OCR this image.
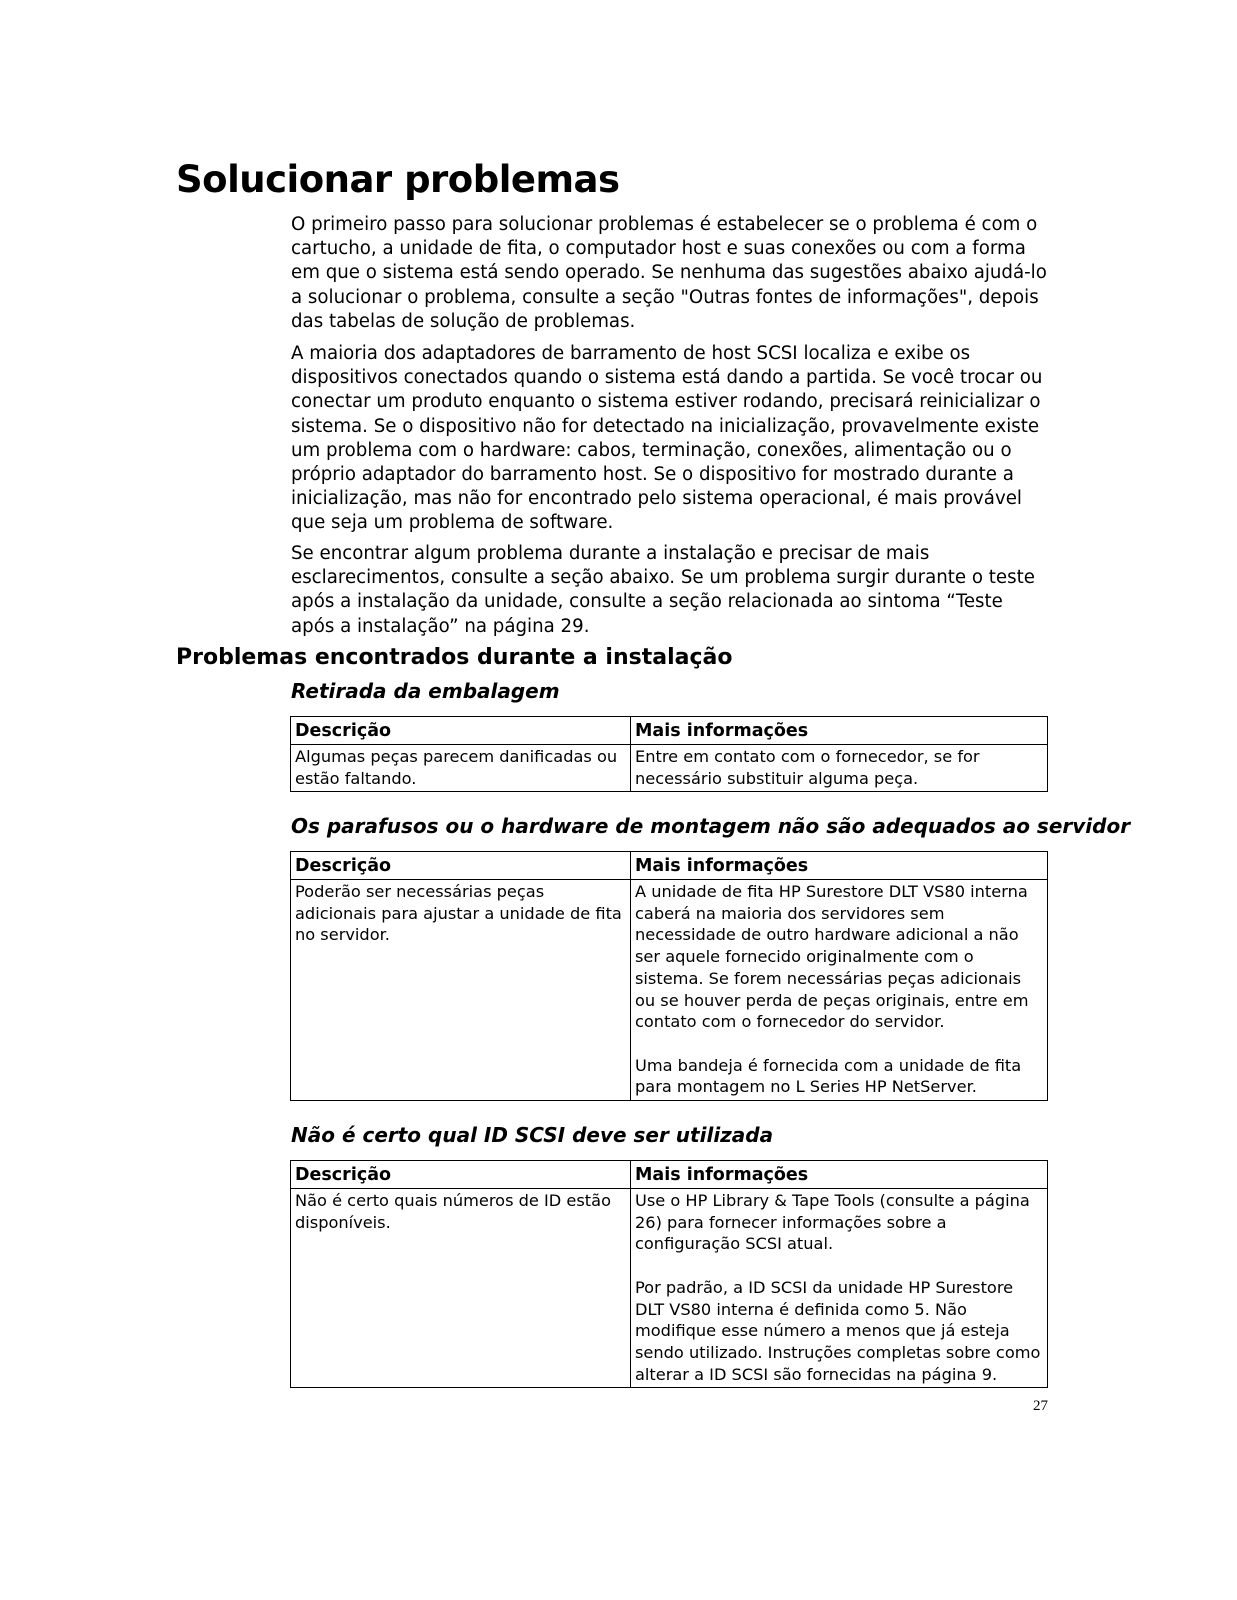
Solucionar problemas

O primeiro passo para solucionar problemas é estabelecer se o problema é com o cartucho, a unidade de fita, o computador host e suas conexões ou com a forma em que o sistema está sendo operado. Se nenhuma das sugestões abaixo ajudá-lo a solucionar o problema, consulte a seção "Outras fontes de informações", depois das tabelas de solução de problemas.

A maioria dos adaptadores de barramento de host SCSI localiza e exibe os dispositivos conectados quando o sistema está dando a partida. Se você trocar ou conectar um produto enquanto o sistema estiver rodando, precisará reinicializar o sistema. Se o dispositivo não for detectado na inicialização, provavelmente existe um problema com o hardware: cabos, terminação, conexões, alimentação ou o próprio adaptador do barramento host. Se o dispositivo for mostrado durante a inicialização, mas não for encontrado pelo sistema operacional, é mais provável que seja um problema de software.

Se encontrar algum problema durante a instalação e precisar de mais esclarecimentos, consulte a seção abaixo. Se um problema surgir durante o teste após a instalação da unidade, consulte a seção relacionada ao sintoma “Teste após a instalação” na página 29.

Problemas encontrados durante a instalação
Retirada da embalagem
Descrição	Mais informações
Algumas peças parecem danificadas ou estão faltando.	Entre em contato com o fornecedor, se for necessário substituir alguma peça.
Os parafusos ou o hardware de montagem não são adequados ao servidor
Descrição	Mais informações
Poderão ser necessárias peças adicionais para ajustar a unidade de fita no servidor.	A unidade de fita HP Surestore DLT VS80 interna caberá na maioria dos servidores sem necessidade de outro hardware adicional a não ser aquele fornecido originalmente com o sistema. Se forem necessárias peças adicionais ou se houver perda de peças originais, entre em contato com o fornecedor do servidor.
Uma bandeja é fornecida com a unidade de fita para montagem no L Series HP NetServer.
Não é certo qual ID SCSI deve ser utilizada
Descrição	Mais informações
Não é certo quais números de ID estão disponíveis.	Use o HP Library & Tape Tools (consulte a página 26) para fornecer informações sobre a configuração SCSI atual.
Por padrão, a ID SCSI da unidade HP Surestore DLT VS80 interna é definida como 5. Não modifique esse número a menos que já esteja sendo utilizado. Instruções completas sobre como alterar a ID SCSI são fornecidas na página 9.
27
